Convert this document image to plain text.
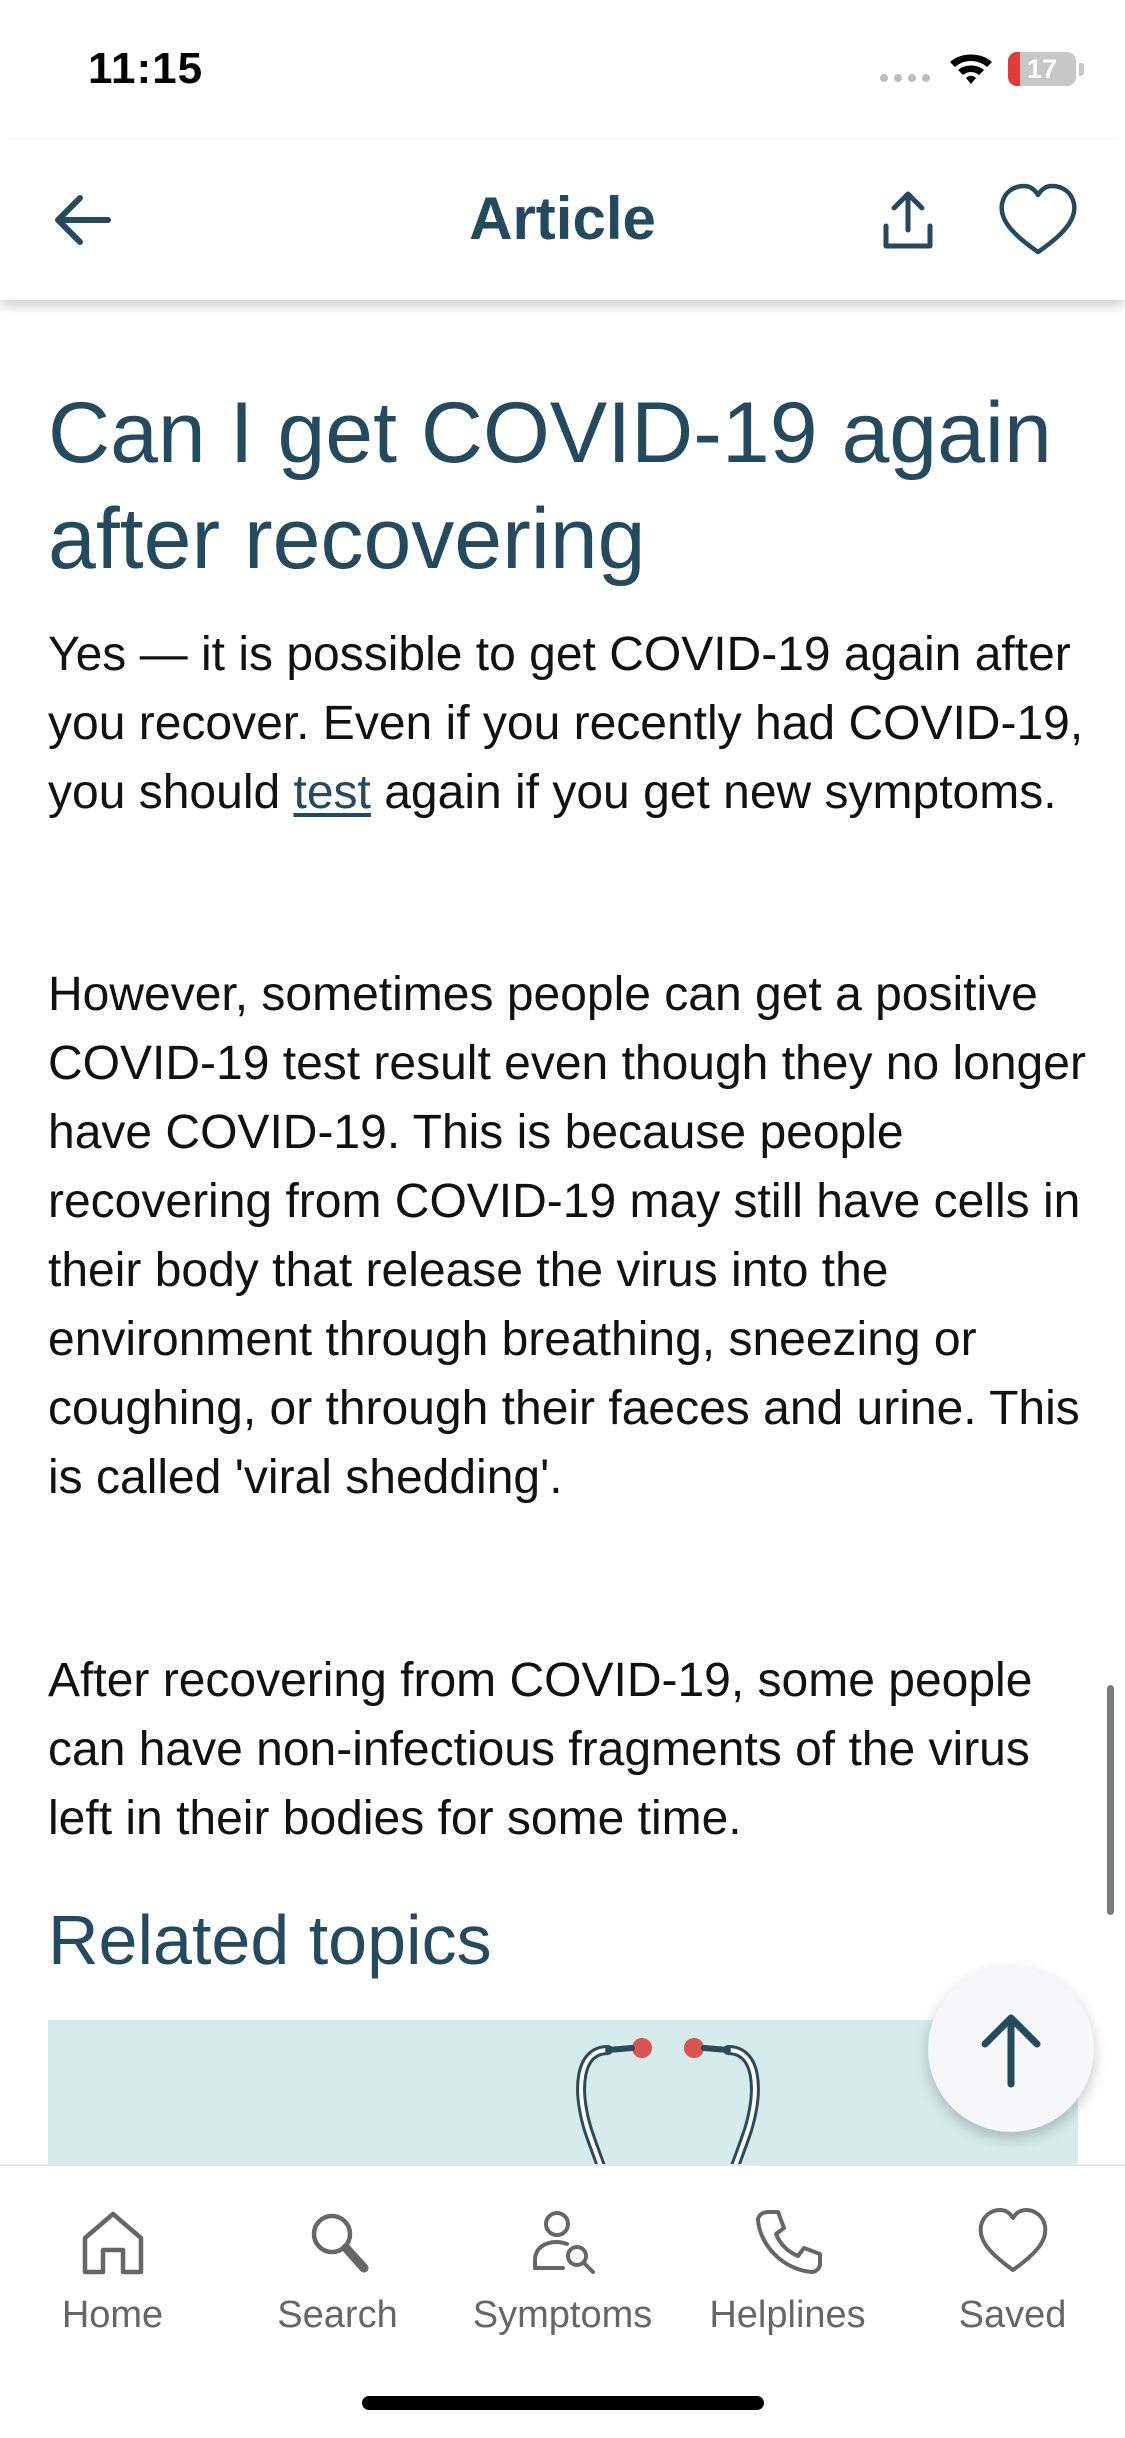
11:15	17
Article
Can I get COVID-19 again after recovering

Yes — it is possible to get COVID-19 again after you recover. Even if you recently had COVID-19, you should test again if you get new symptoms.

However, sometimes people can get a positive COVID-19 test result even though they no longer have COVID-19. This is because people recovering from COVID-19 may still have cells in their body that release the virus into the environment through breathing, sneezing or coughing, or through their faeces and urine. This is called 'viral shedding'.

After recovering from COVID-19, some people can have non-infectious fragments of the virus left in their bodies for some time.

Related topics
Home	Search	Symptoms	Helplines	Saved
